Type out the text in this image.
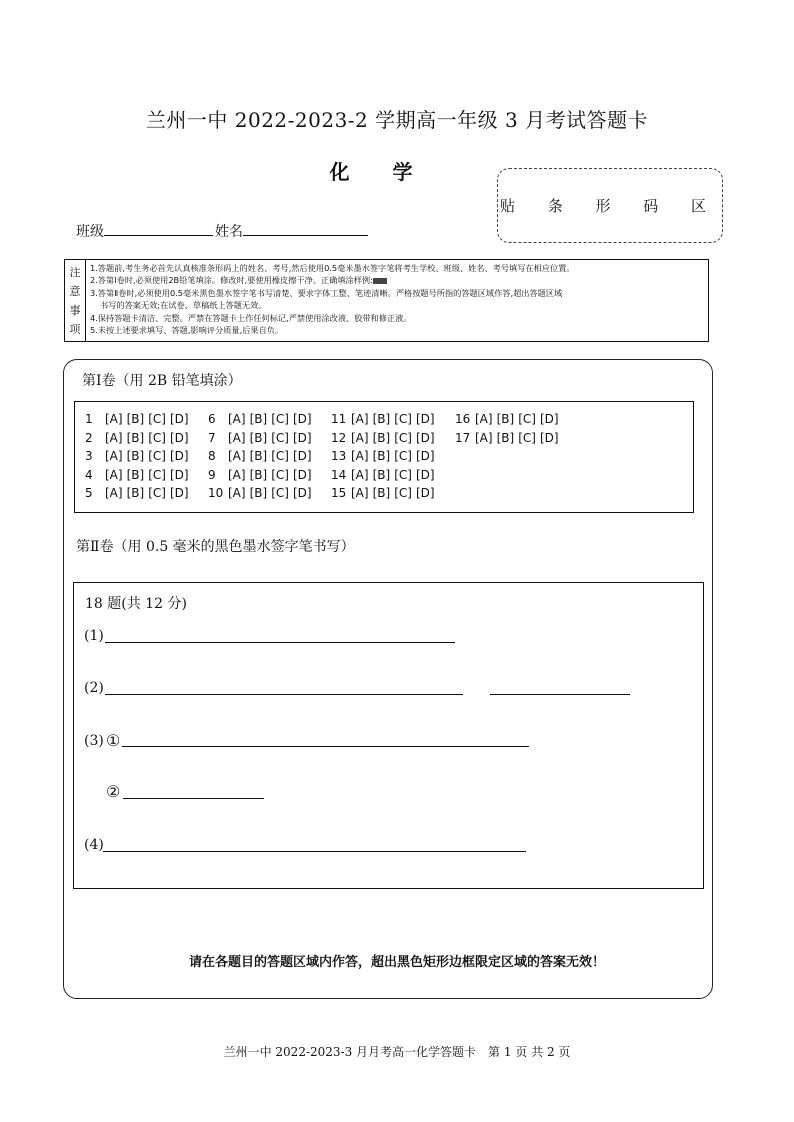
兰州一中 2022-2023-2 学期高一年级 3 月考试答题卡
化 学
贴 条 形 码 区
班级	姓名
注
意
事
项
1.答题前,考生务必首先认真核准条形码上的姓名、考号,然后使用0.5毫米墨水签字笔将考生学校、班级、姓名、考号填写在相应位置。
2.答第Ⅰ卷时,必须使用2B铅笔填涂。修改时,要使用橡皮擦干净。正确填涂样例:
3.答第Ⅱ卷时,必须使用0.5毫米黑色墨水签字笔书写清楚、要求字体工整、笔迹清晰。严格按题号所指的答题区域作答,超出答题区域
书写的答案无效;在试卷、草稿纸上答题无效。
4.保持答题卡清洁、完整。严禁在答题卡上作任何标记,严禁使用涂改液、胶带和修正液。
5.未按上述要求填写、答题,影响评分质量,后果自负。
第Ⅰ卷（用 2B 铅笔填涂）
1	[A] [B] [C] [D]
2	[A] [B] [C] [D]
3	[A] [B] [C] [D]
4	[A] [B] [C] [D]
5	[A] [B] [C] [D]
6	[A] [B] [C] [D]
7	[A] [B] [C] [D]
8	[A] [B] [C] [D]
9	[A] [B] [C] [D]
10 [A] [B] [C] [D]
11 [A] [B] [C] [D]
12 [A] [B] [C] [D]
13 [A] [B] [C] [D]
14 [A] [B] [C] [D]
15 [A] [B] [C] [D]
16 [A] [B] [C] [D]
17 [A] [B] [C] [D]
第Ⅱ卷（用 0.5 毫米的黑色墨水签字笔书写）
18 题(共 12 分)
(1)
(2)
(3) ①
②
(4)
请在各题目的答题区域内作答，超出黑色矩形边框限定区域的答案无效！
兰州一中 2022-2023-3 月月考高一化学答题卡　第 1 页 共 2 页
